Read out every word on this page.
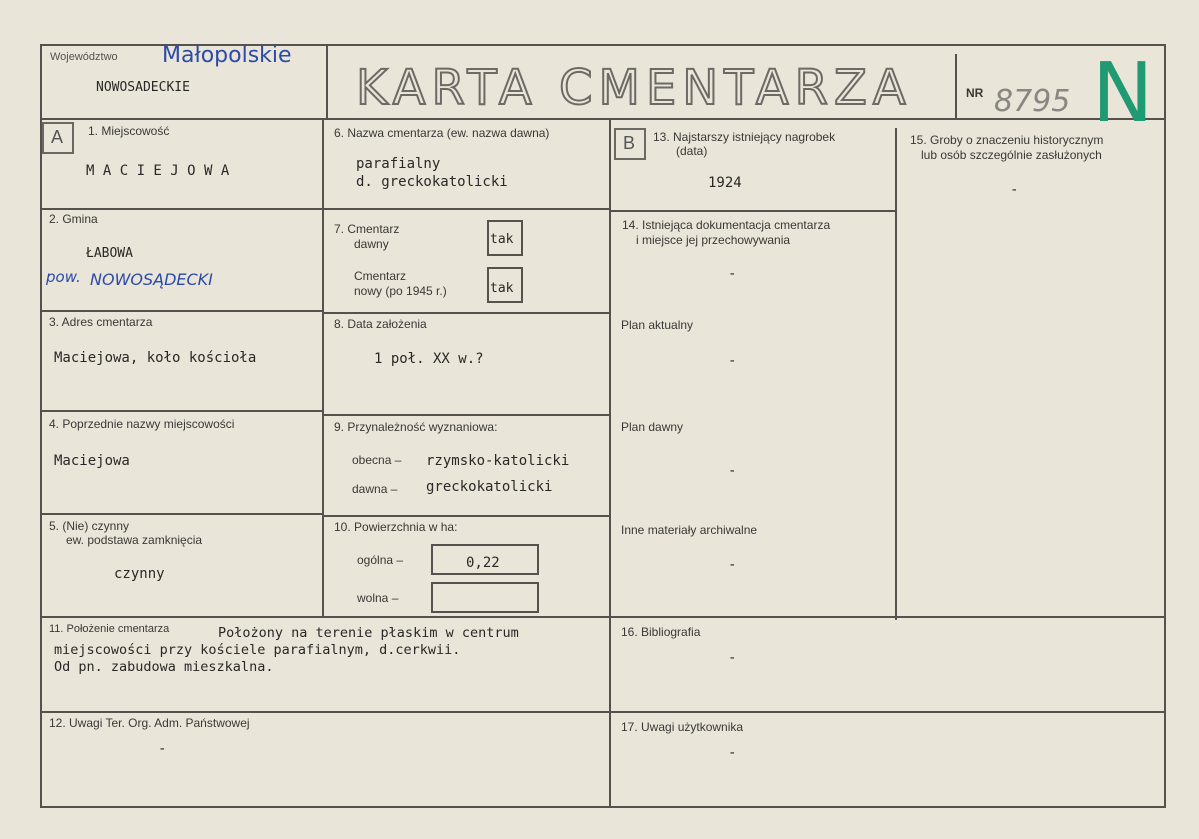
Województwo Małopolskie
NOWOSADECKIE	KARTA CMENTARZA	NR 8795 N
A	B
1. Miejscowość
M A C I E J O W A
2. Gmina
ŁABOWA
pow. NOWOSĄDECKI
3. Adres cmentarza
Maciejowa, koło kościoła
4. Poprzednie nazwy miejscowości
Maciejowa
5. (Nie) czynny
ew. podstawa zamknięcia
czynny
6. Nazwa cmentarza (ew. nazwa dawna)
parafialny
d. greckokatolicki
7. Cmentarz
dawny	tak
Cmentarz
nowy (po 1945 r.)	tak
8. Data założenia
1 poł. XX w.?
9. Przynależność wyznaniowa:
obecna – rzymsko-katolicki
dawna – greckokatolicki
10. Powierzchnia w ha:
ogólna –	0,22
wolna –
11. Położenie cmentarza	Położony na terenie płaskim w centrum
miejscowości przy kościele parafialnym, d.cerkwii.
Od pn. zabudowa mieszkalna.
12. Uwagi Ter. Org. Adm. Państwowej
-
13. Najstarszy istniejący nagrobek
(data)
1924
14. Istniejąca dokumentacja cmentarza
i miejsce jej przechowywania
-
Plan aktualny
-
Plan dawny
-
Inne materiały archiwalne
-
15. Groby o znaczeniu historycznym
lub osób szczególnie zasłużonych
-
16. Bibliografia
-
17. Uwagi użytkownika
-
